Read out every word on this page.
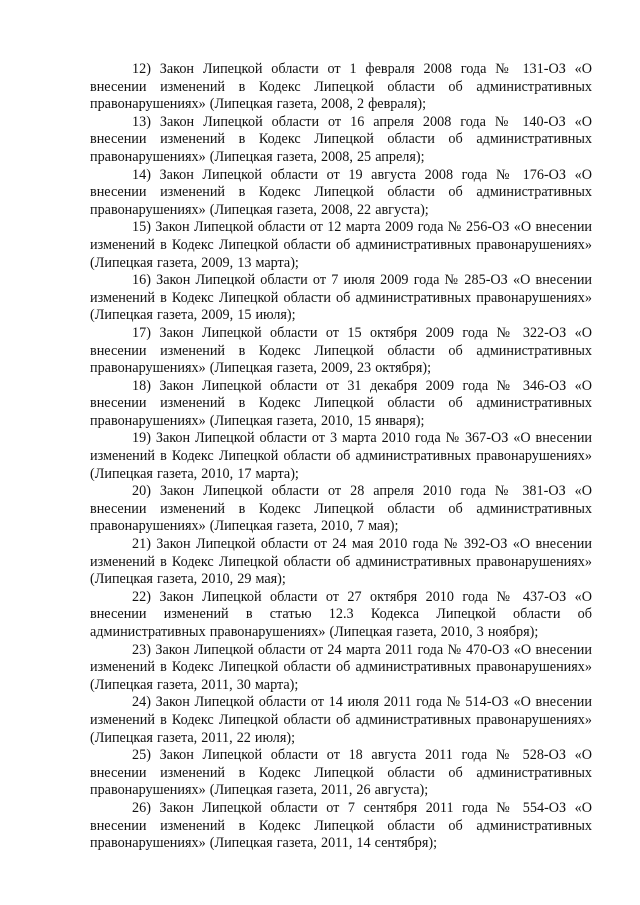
12) Закон Липецкой области от 1 февраля 2008 года № 131-ОЗ «О внесении изменений в Кодекс Липецкой области об административных правонарушениях» (Липецкая газета, 2008, 2 февраля);

13) Закон Липецкой области от 16 апреля 2008 года № 140-ОЗ «О внесении изменений в Кодекс Липецкой области об административных правонарушениях» (Липецкая газета, 2008, 25 апреля);

14) Закон Липецкой области от 19 августа 2008 года № 176-ОЗ «О внесении изменений в Кодекс Липецкой области об административных правонарушениях» (Липецкая газета, 2008, 22 августа);

15) Закон Липецкой области от 12 марта 2009 года № 256-ОЗ «О внесении изменений в Кодекс Липецкой области об административных правонарушениях» (Липецкая газета, 2009, 13 марта);

16) Закон Липецкой области от 7 июля 2009 года № 285-ОЗ «О внесении изменений в Кодекс Липецкой области об административных правонарушениях» (Липецкая газета, 2009, 15 июля);

17) Закон Липецкой области от 15 октября 2009 года № 322-ОЗ «О внесении изменений в Кодекс Липецкой области об административных правонарушениях» (Липецкая газета, 2009, 23 октября);

18) Закон Липецкой области от 31 декабря 2009 года № 346-ОЗ «О внесении изменений в Кодекс Липецкой области об административных правонарушениях» (Липецкая газета, 2010, 15 января);

19) Закон Липецкой области от 3 марта 2010 года № 367-ОЗ «О внесении изменений в Кодекс Липецкой области об административных правонарушениях» (Липецкая газета, 2010, 17 марта);

20) Закон Липецкой области от 28 апреля 2010 года № 381-ОЗ «О внесении изменений в Кодекс Липецкой области об административных правонарушениях» (Липецкая газета, 2010, 7 мая);

21) Закон Липецкой области от 24 мая 2010 года № 392-ОЗ «О внесении изменений в Кодекс Липецкой области об административных правонарушениях» (Липецкая газета, 2010, 29 мая);

22) Закон Липецкой области от 27 октября 2010 года № 437-ОЗ «О внесении изменений в статью 12.3 Кодекса Липецкой области об административных правонарушениях» (Липецкая газета, 2010, 3 ноября);

23) Закон Липецкой области от 24 марта 2011 года № 470-ОЗ «О внесении изменений в Кодекс Липецкой области об административных правонарушениях» (Липецкая газета, 2011, 30 марта);

24) Закон Липецкой области от 14 июля 2011 года № 514-ОЗ «О внесении изменений в Кодекс Липецкой области об административных правонарушениях» (Липецкая газета, 2011, 22 июля);

25) Закон Липецкой области от 18 августа 2011 года № 528-ОЗ «О внесении изменений в Кодекс Липецкой области об административных правонарушениях» (Липецкая газета, 2011, 26 августа);

26) Закон Липецкой области от 7 сентября 2011 года № 554-ОЗ «О внесении изменений в Кодекс Липецкой области об административных правонарушениях» (Липецкая газета, 2011, 14 сентября);
